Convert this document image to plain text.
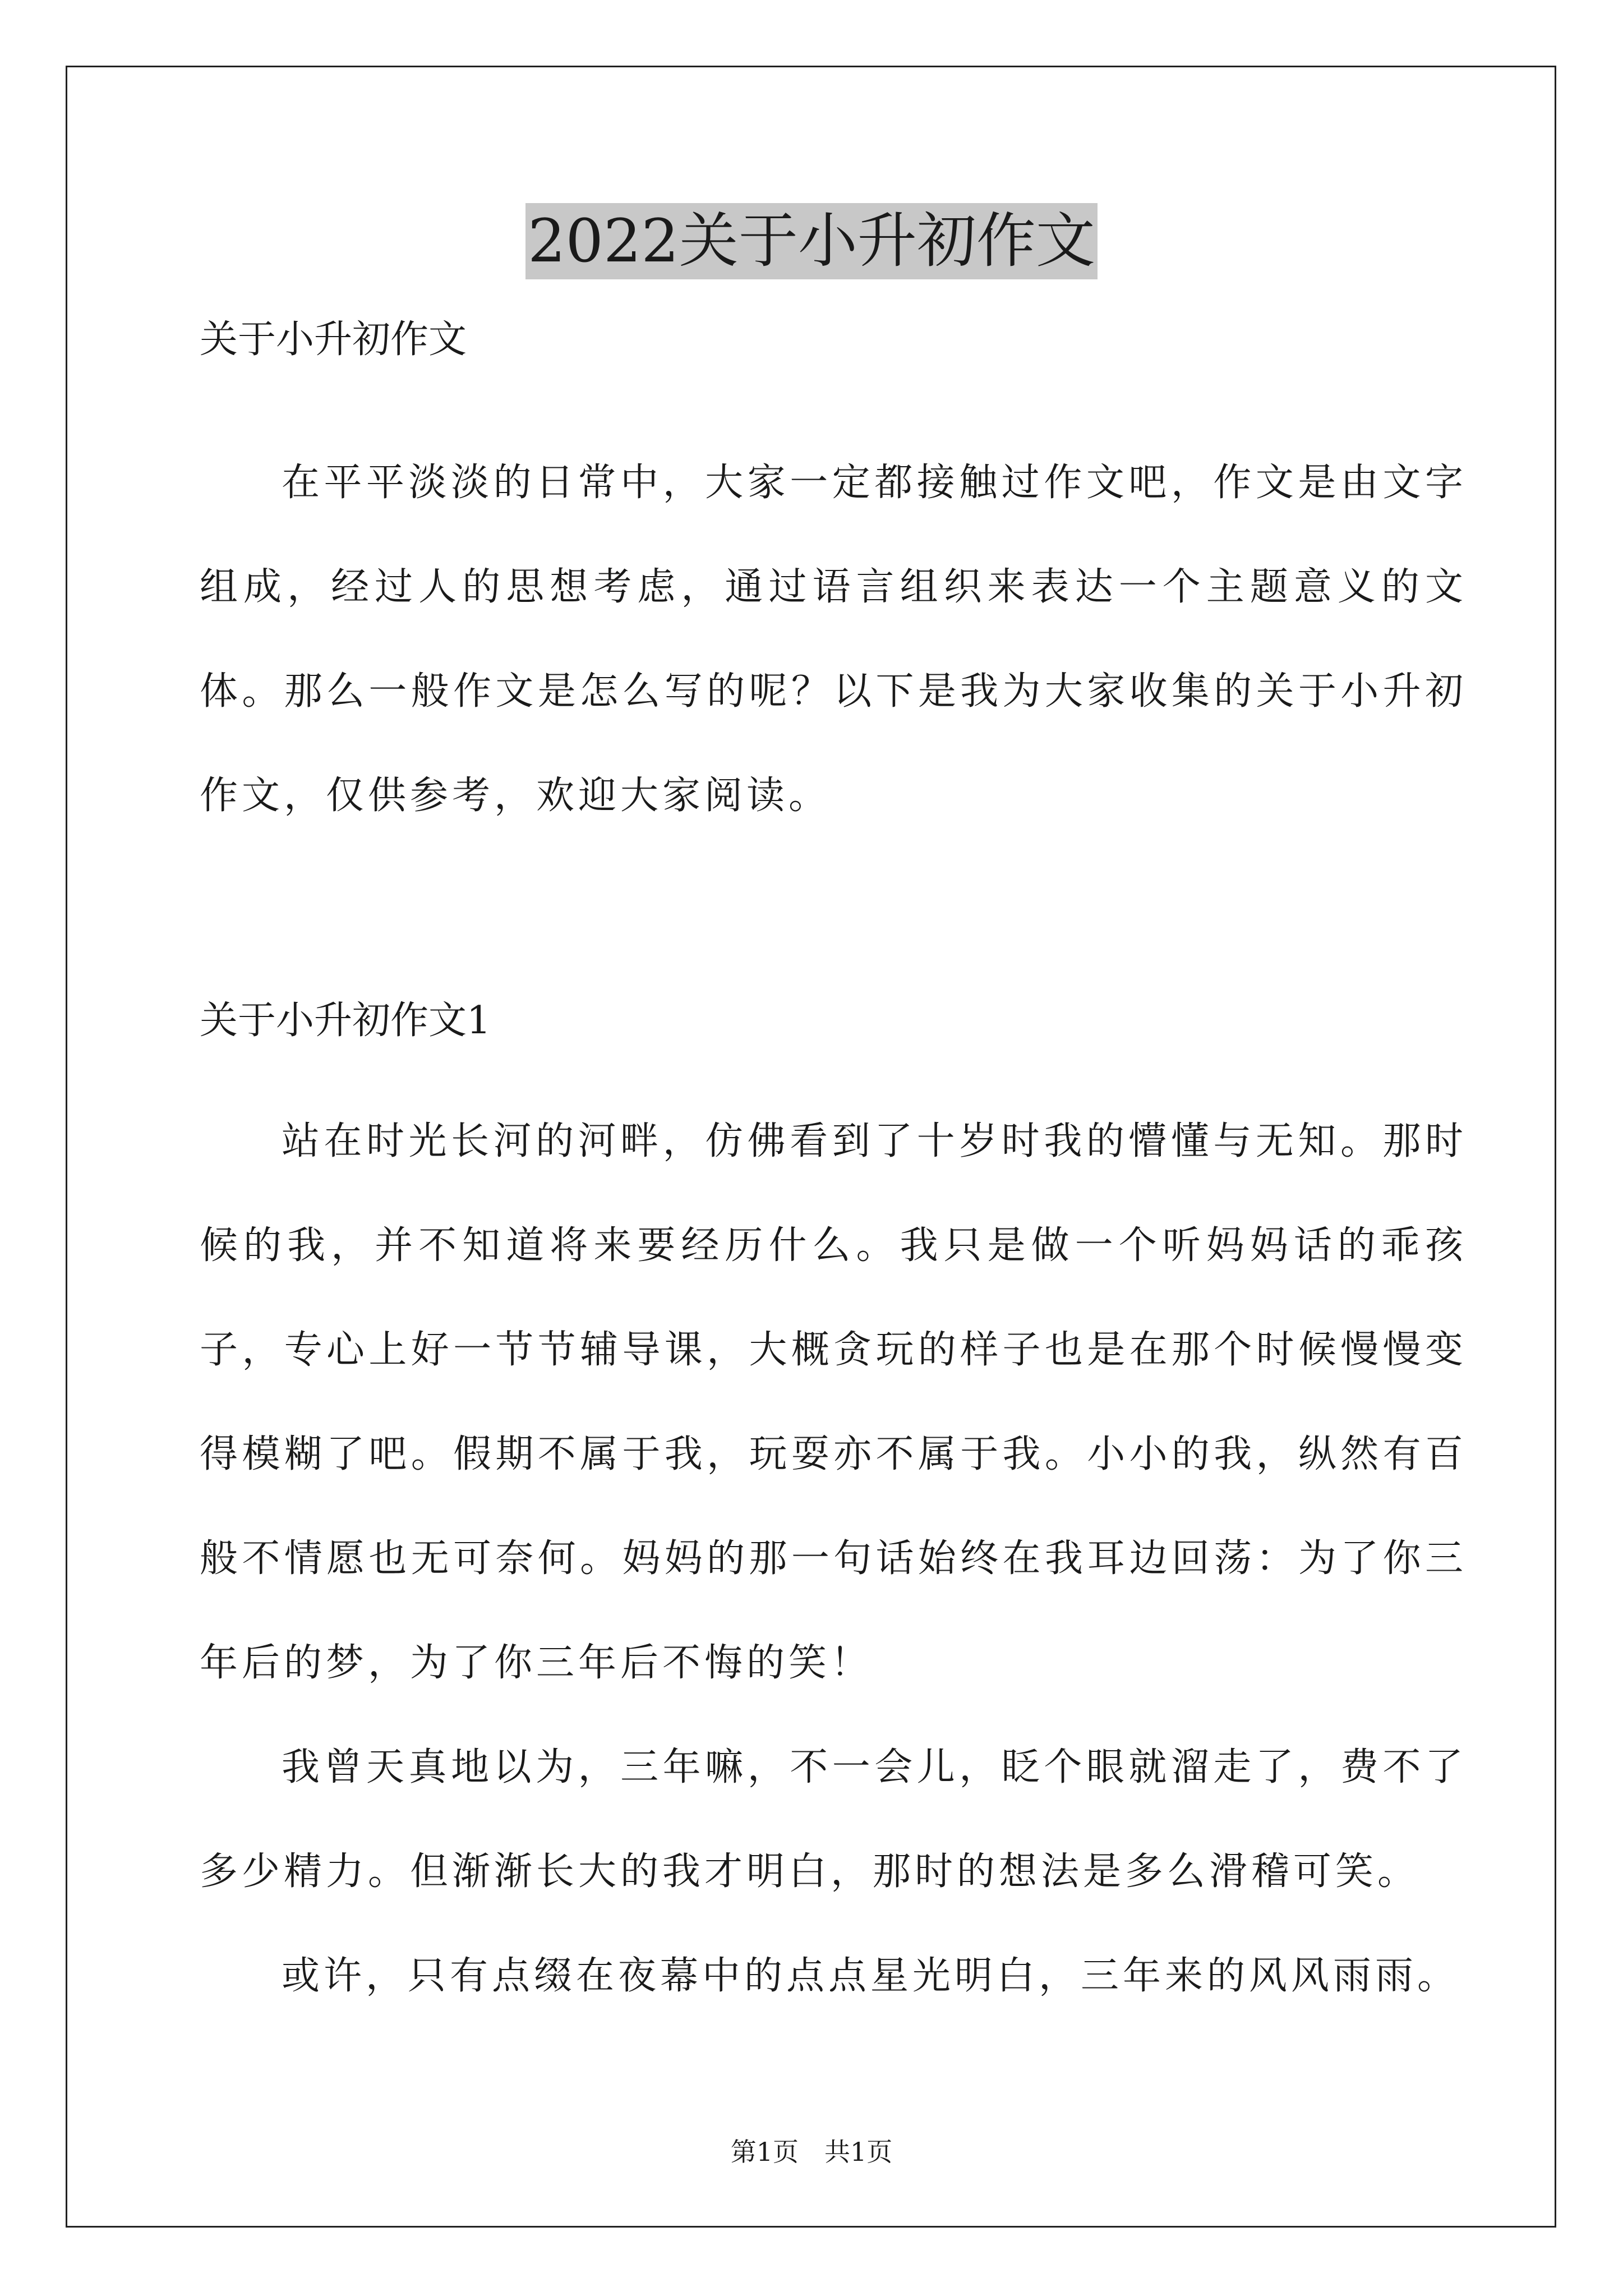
2022关于小升初作文
关于小升初作文
在平平淡淡的日常中，大家一定都接触过作文吧，作文是由文字组成，经过人的思想考虑，通过语言组织来表达一个主题意义的文体。那么一般作文是怎么写的呢？以下是我为大家收集的关于小升初作文，仅供参考，欢迎大家阅读。
关于小升初作文1
站在时光长河的河畔，仿佛看到了十岁时我的懵懂与无知。那时候的我，并不知道将来要经历什么。我只是做一个听妈妈话的乖孩子，专心上好一节节辅导课，大概贪玩的样子也是在那个时候慢慢变得模糊了吧。假期不属于我，玩耍亦不属于我。小小的我，纵然有百般不情愿也无可奈何。妈妈的那一句话始终在我耳边回荡：为了你三年后的梦，为了你三年后不悔的笑！
我曾天真地以为，三年嘛，不一会儿，眨个眼就溜走了，费不了多少精力。但渐渐长大的我才明白，那时的想法是多么滑稽可笑。
或许，只有点缀在夜幕中的点点星光明白，三年来的风风雨雨。
第1页　共1页
